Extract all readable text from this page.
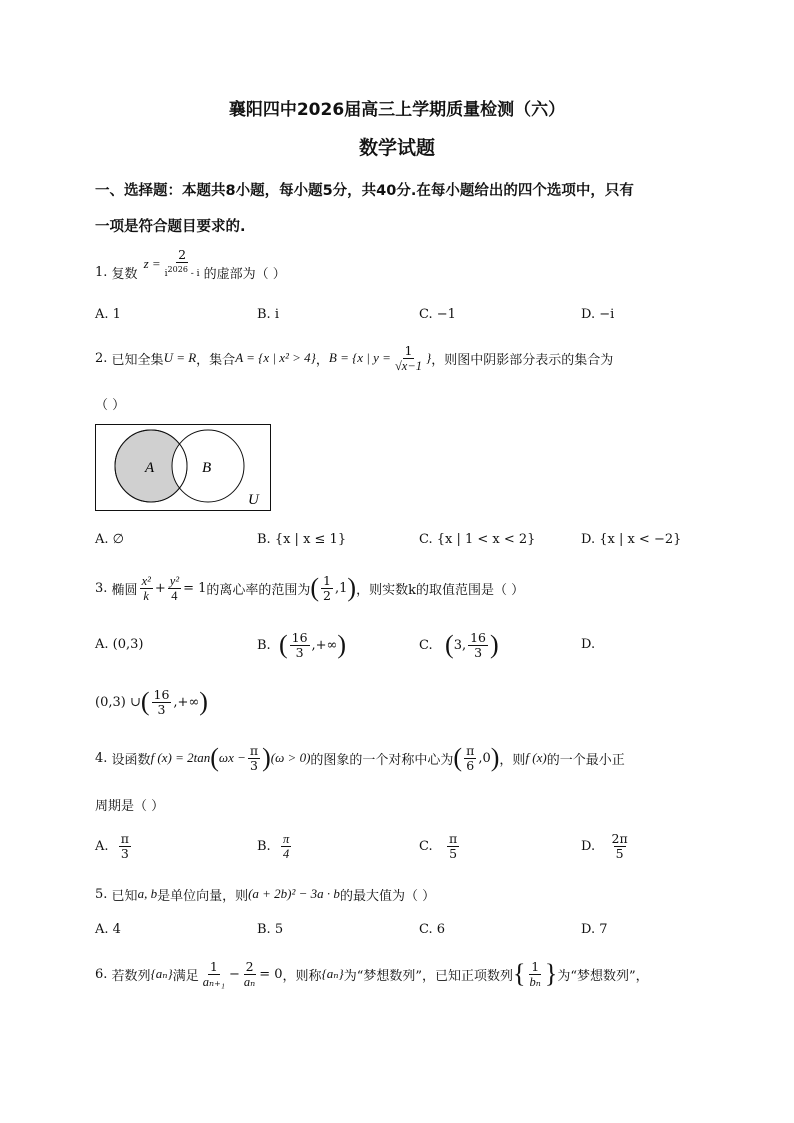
襄阳四中2026届高三上学期质量检测（六）
数学试题
一、选择题：本题共8小题，每小题5分，共40分.在每小题给出的四个选项中，只有
一项是符合题目要求的.
1.
复数
$z = \frac{2}{i^{2026} - i}$ 的虚部为（ ）
A. 1	B. i	C. −1	D. −i
2.
已知全集 U = R ，集合 A = {x | x² > 4} ， B = {x | $y = \frac{1}{√x-1}$ } ，则图中阴影部分表示的集合为
（ ）
A	B
U
A. ∅	B. {x | x ≤ 1}	C. {x | 1 < x < 2}	D. {x | x < −2}
3.
椭圆 $\frac{\text{x²}}{k} + \frac{\text{y²}}{4} = 1$ 的离心率的范围为 ( $\frac{1}{2} ,1$ ) ，则实数k的取值范围是（ ）
A. (0,3)	B.
( $\frac{16}{3}$ ,+∞ )	C.
( 3, $\frac{16}{3}$ )	D.
(0,3) ∪ ( $\frac{16}{3}$ ,+∞ )
4.
设函数 f (x) = 2tan ( $\omega x - \frac{\pi}{3}$ ) (ω > 0) 的图象的一个对称中心为 ( $\frac{\pi}{6} ,0$ ) ，则 f (x) 的一个最小正
周期是（ ）
A.
$\frac{\pi}{3}$	B.
$\frac{\pi}{4}$	C.
$\frac{\pi}{5}$	D.
$\frac{2\pi}{5}$
5.
已知 a, b 是单位向量，则 (a + 2b)² − 3a · b 的最大值为（ ）
A. 4	B. 5	C. 6	D. 7
6.
若数列 {aₙ} 满足 $\frac{1}{\text{aₙ₊₁}} - \frac{2}{\text{aₙ}} = 0$ ，则称 {aₙ} 为“梦想数列”，已知正项数列 { $\frac{1}{\text{bₙ}}$ } 为“梦想数列”，
